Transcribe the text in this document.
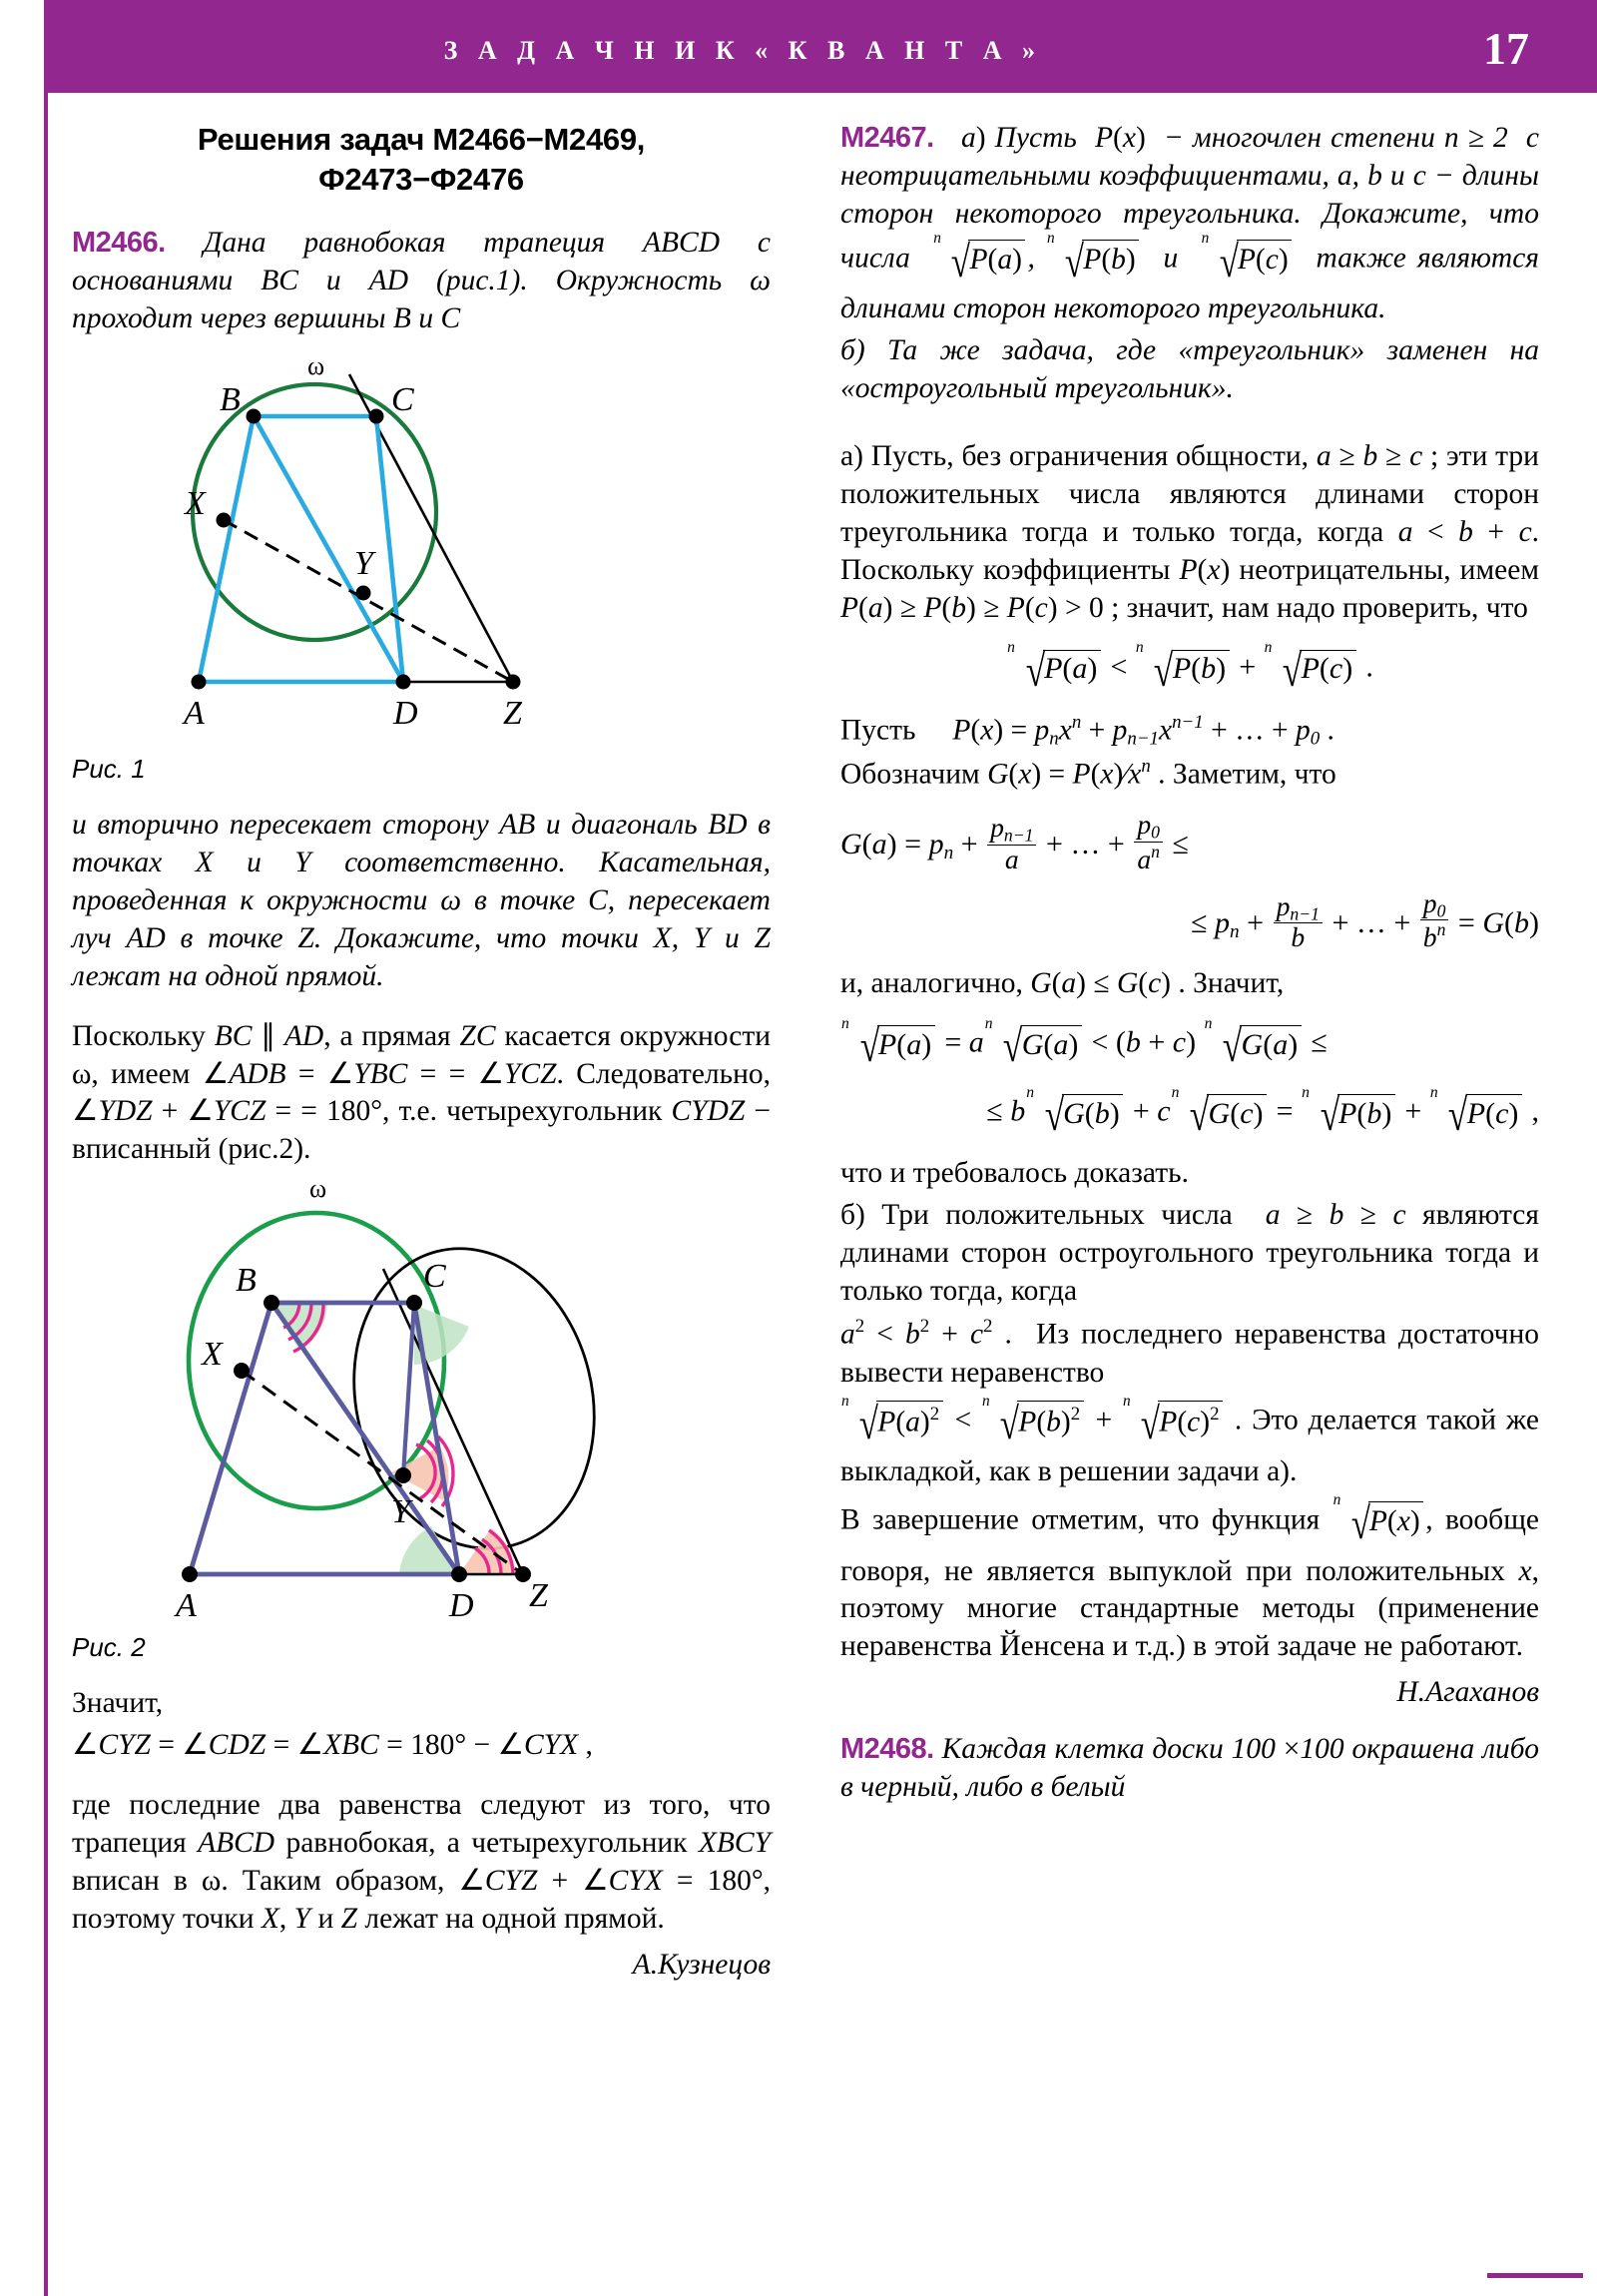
З А Д А Ч Н И К « К В А Н Т А »	17
Решения задач М2466−М2469,
Ф2473−Ф2476

M2466. Дана равнобокая трапеция ABCD с основаниями BC и AD (рис.1). Окружность ω проходит через вершины B и C

ω
B	C
X
Y
A	D	Z
Рис. 1

и вторично пересекает сторону AB и диагональ BD в точках X и Y соответственно. Касательная, проведенная к окружности ω в точке C, пересекает луч AD в точке Z. Докажите, что точки X, Y и Z лежат на одной прямой.

Поскольку BC ∥ AD, а прямая ZC касается окружности ω, имеем ∠ADB = ∠YBC = = ∠YCZ. Следовательно, ∠YDZ + ∠YCZ = = 180°, т.е. четырехугольник CYDZ − вписанный (рис.2).

ω
B	C
X
Y
A	D Z
Рис. 2

Значит,

∠CYZ = ∠CDZ = ∠XBC = 180° − ∠CYX ,

где последние два равенства следуют из того, что трапеция ABCD равнобокая, а четырехугольник XBCY вписан в ω. Таким образом, ∠CYZ + ∠CYX = 180°, поэтому точки X, Y и Z лежат на одной прямой.

А.Кузнецов

M2467.   а) Пусть  P(x)  − многочлен степени n ≥ 2  с неотрицательными коэффициентами, a, b и c − длины сторон некоторого треугольника. Докажите, что числа
n √P(a) ,
n √P(b)  и
n √P(c)  также являются длинами сторон некоторого треугольника.

б) Та же задача, где «треугольник» заменен на «остроугольный треугольник».

а) Пусть, без ограничения общности, a ≥ b ≥ c ; эти три положительных числа являются длинами сторон треугольника тогда и только тогда, когда a < b + c. Поскольку коэффициенты P(x) неотрицательны, имеем P(a) ≥ P(b) ≥ P(c) > 0 ; значит, нам надо проверить, что

n √P(a) <
n √P(b) +
n √P(c) .

Пусть     $P(x) = p_nx^n + p_{n-1}x^{n-1}$ + … + $p_0$ .

Обозначим $G(x) = P(x)⁄x^n$ . Заметим, что

$G(a) = p_n + \frac{p_{n-1}}{a}$ + … + $\frac{p_0}{a^n}$ ≤
≤ $p_n + \frac{p_{n-1}}{b}$ + … + $\frac{p_0}{b^n} = G(b)$

и, аналогично, G(a) ≤ G(c) . Значит,

n √P(a) = a
n √G(a) < (b + c)
n √G(a) ≤
≤ b
n √G(b) + c
n √G(c) =
n √P(b) +
n √P(c) ,

что и требовалось доказать.

б) Три положительных числа  a ≥ b ≥ c являются длинами сторон остроугольного треугольника тогда и только тогда, когда

$a^2 < b^2 + c^2$ .  Из последнего неравенства достаточно вывести неравенство

n $√P(a)^2$ <
n $√P(b)^2$ +
n $√P(c)^2$ . Это делается такой же выкладкой, как в решении задачи а).

В завершение отметим, что функция
n √P(x) , вообще говоря, не является выпуклой при положительных x, поэтому многие стандартные методы (применение неравенства Йенсена и т.д.) в этой задаче не работают.

Н.Агаханов

M2468. Каждая клетка доски 100 ×100 окрашена либо в черный, либо в белый
